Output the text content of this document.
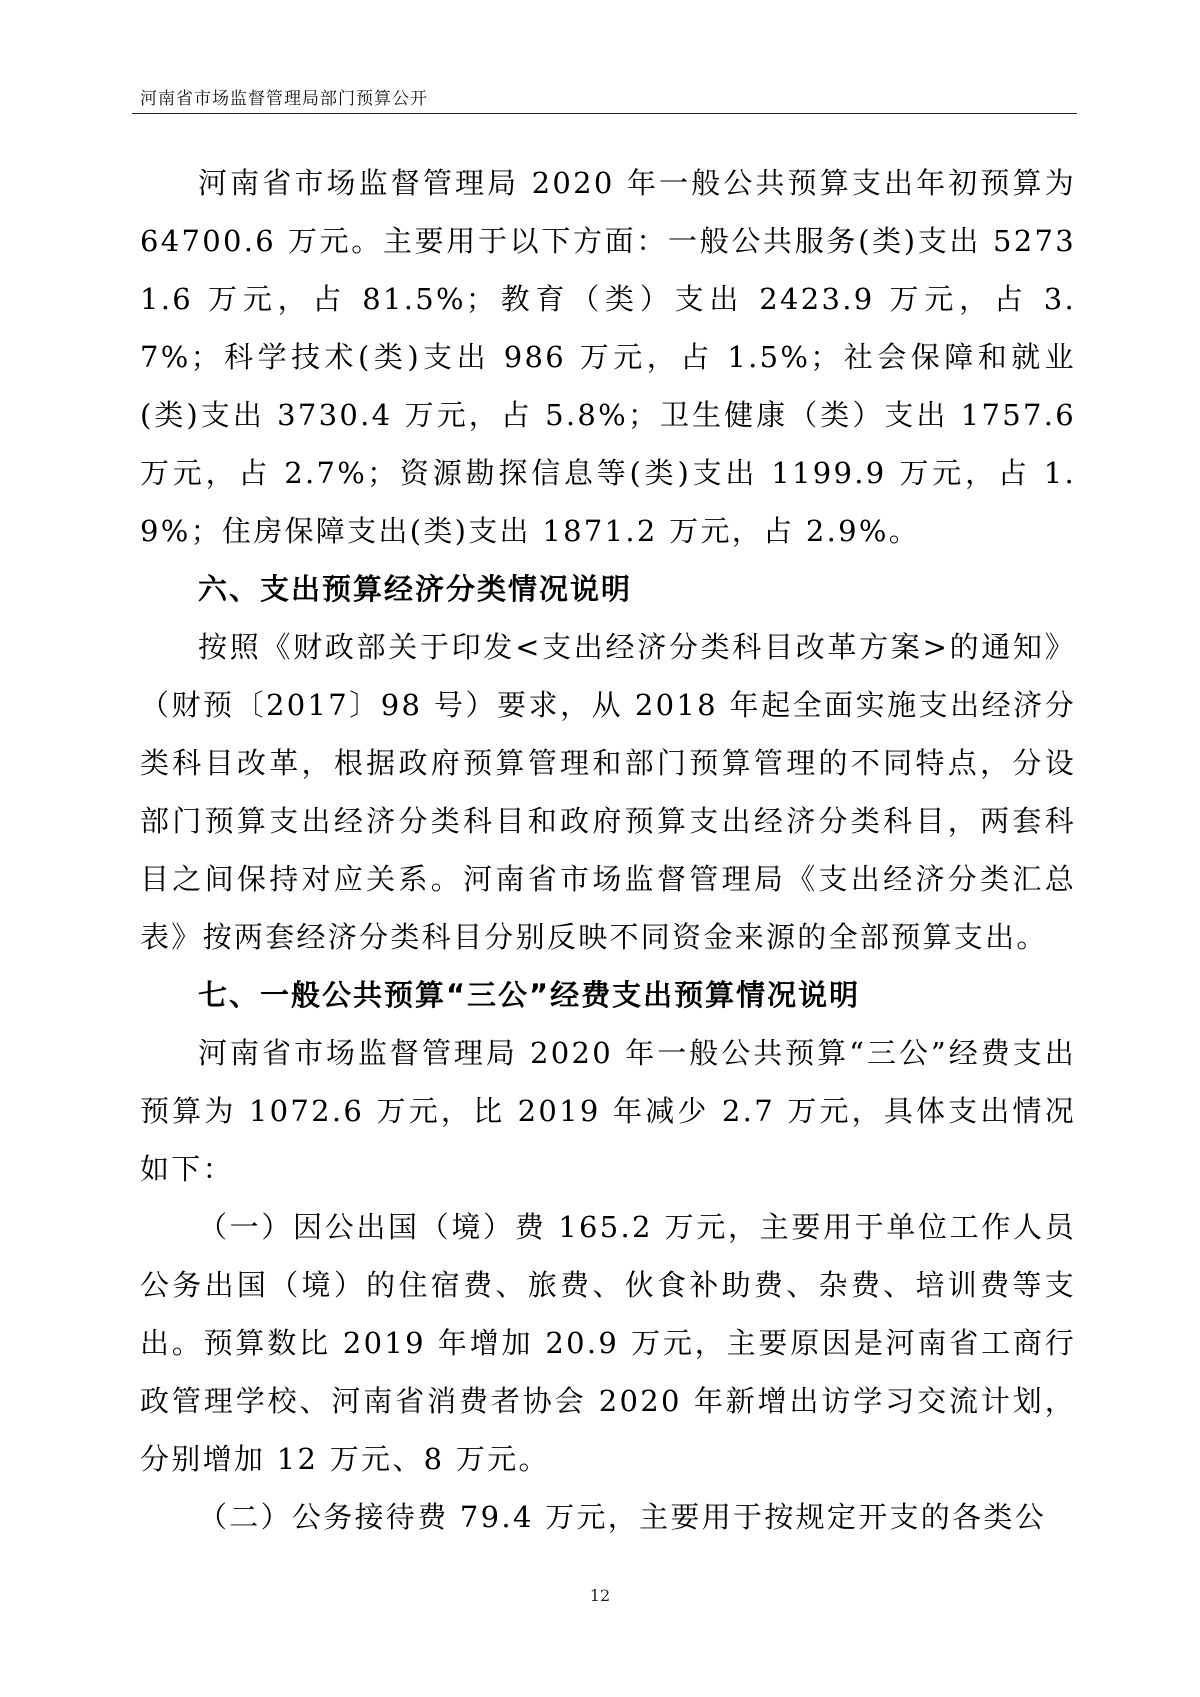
河南省市场监督管理局部门预算公开

河南省市场监督管理局 2020 年一般公共预算支出年初预算为 64700.6 万元。主要用于以下方面：一般公共服务(类)支出 52731.6 万元，占 81.5%；教育（类）支出 2423.9 万元，占 3.7%；科学技术(类)支出 986 万元，占 1.5%；社会保障和就业(类)支出 3730.4 万元，占 5.8%；卫生健康（类）支出 1757.6 万元，占 2.7%；资源勘探信息等(类)支出 1199.9 万元，占 1.9%；住房保障支出(类)支出 1871.2 万元，占 2.9%。

六、支出预算经济分类情况说明

按照《财政部关于印发<支出经济分类科目改革方案>的通知》（财预〔2017〕98 号）要求，从 2018 年起全面实施支出经济分类科目改革，根据政府预算管理和部门预算管理的不同特点，分设部门预算支出经济分类科目和政府预算支出经济分类科目，两套科目之间保持对应关系。河南省市场监督管理局《支出经济分类汇总表》按两套经济分类科目分别反映不同资金来源的全部预算支出。

七、一般公共预算“三公”经费支出预算情况说明

河南省市场监督管理局 2020 年一般公共预算“三公”经费支出预算为 1072.6 万元，比 2019 年减少 2.7 万元，具体支出情况如下：

（一）因公出国（境）费 165.2 万元，主要用于单位工作人员公务出国（境）的住宿费、旅费、伙食补助费、杂费、培训费等支出。预算数比 2019 年增加 20.9 万元，主要原因是河南省工商行政管理学校、河南省消费者协会 2020 年新增出访学习交流计划，分别增加 12 万元、8 万元。

（二）公务接待费 79.4 万元，主要用于按规定开支的各类公

12
